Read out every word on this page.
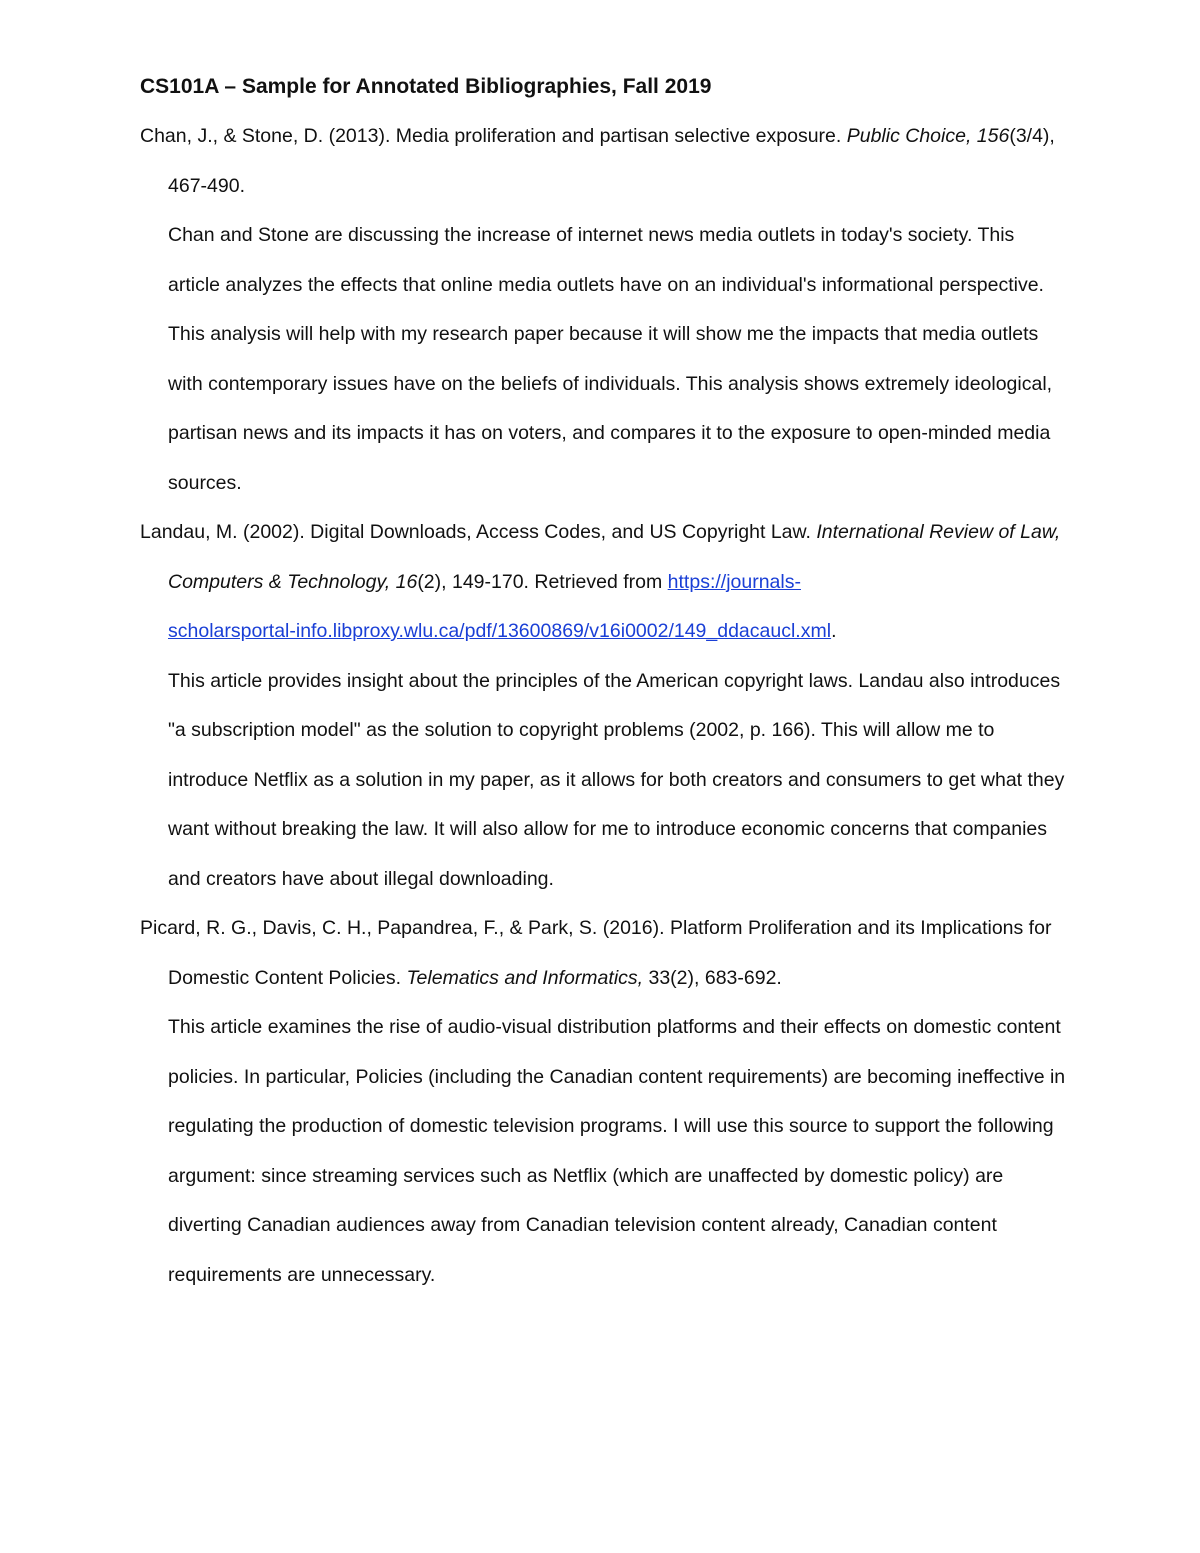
CS101A – Sample for Annotated Bibliographies, Fall 2019
Chan, J., & Stone, D. (2013). Media proliferation and partisan selective exposure. Public Choice, 156(3/4), 467-490.
Chan and Stone are discussing the increase of internet news media outlets in today's society. This article analyzes the effects that online media outlets have on an individual's informational perspective. This analysis will help with my research paper because it will show me the impacts that media outlets with contemporary issues have on the beliefs of individuals. This analysis shows extremely ideological, partisan news and its impacts it has on voters, and compares it to the exposure to open-minded media sources.
Landau, M. (2002). Digital Downloads, Access Codes, and US Copyright Law. International Review of Law, Computers & Technology, 16(2), 149-170. Retrieved from https://journals-
scholarsportal-info.libproxy.wlu.ca/pdf/13600869/v16i0002/149_ddacaucl.xml.
This article provides insight about the principles of the American copyright laws. Landau also introduces "a subscription model" as the solution to copyright problems (2002, p. 166). This will allow me to introduce Netflix as a solution in my paper, as it allows for both creators and consumers to get what they want without breaking the law. It will also allow for me to introduce economic concerns that companies and creators have about illegal downloading.
Picard, R. G., Davis, C. H., Papandrea, F., & Park, S. (2016). Platform Proliferation and its Implications for Domestic Content Policies. Telematics and Informatics, 33(2), 683-692.
This article examines the rise of audio-visual distribution platforms and their effects on domestic content policies. In particular, Policies (including the Canadian content requirements) are becoming ineffective in regulating the production of domestic television programs. I will use this source to support the following argument: since streaming services such as Netflix (which are unaffected by domestic policy) are diverting Canadian audiences away from Canadian television content already, Canadian content requirements are unnecessary.
